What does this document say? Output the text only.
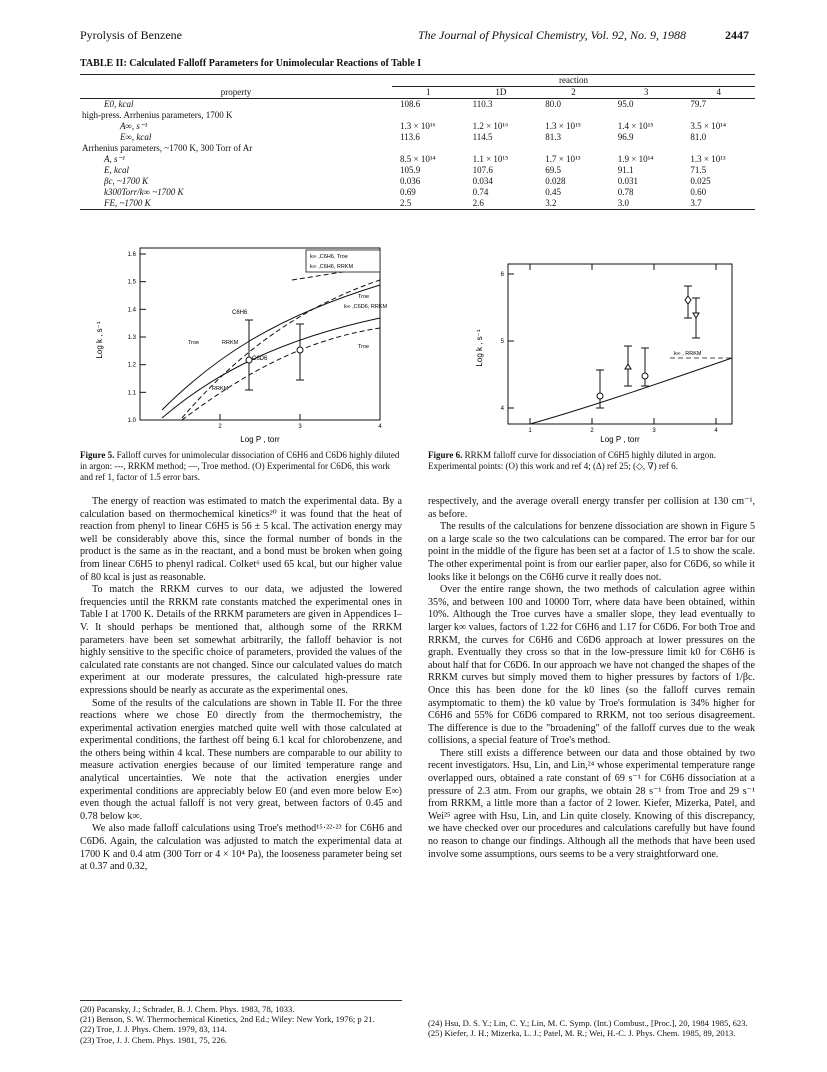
Pyrolysis of Benzene	The Journal of Physical Chemistry, Vol. 92, No. 9, 1988	2447
TABLE II: Calculated Falloff Parameters for Unimolecular Reactions of Table I
	reaction				
property	1	1D	2	3	4
E0, kcal	108.6	110.3	80.0	95.0	79.7
high-press. Arrhenius parameters, 1700 K					
A∞, s⁻¹	1.3 × 10¹⁶	1.2 × 10¹⁶	1.3 × 10¹⁵	1.4 × 10¹⁵	3.5 × 10¹⁴
E∞, kcal	113.6	114.5	81.3	96.9	81.0
Arrhenius parameters, ~1700 K, 300 Torr of Ar					
A, s⁻¹	8.5 × 10¹⁴	1.1 × 10¹⁵	1.7 × 10¹³	1.9 × 10¹⁴	1.3 × 10¹³
E, kcal	105.9	107.6	69.5	91.1	71.5
βc, ~1700 K	0.036	0.034	0.028	0.031	0.025
k300Torr/k∞ ~1700 K	0.69	0.74	0.45	0.78	0.60
FE, ~1700 K	2.5	2.6	3.2	3.0	3.7
1.6
1.5
1.4
1.3
1.2
1.1
1.0
2	3	4
k∞ ,C6H6, Troe
k∞ ,C6H6, RRKM
C6H6
Troe
k∞ ,C6D6, RRKM
Troe	RRKM
C6D6
Troe
RRKM
Log k , s⁻¹
Log P , torr
Figure 5. Falloff curves for unimolecular dissociation of C6H6 and C6D6 highly diluted in argon: ---, RRKM method; —, Troe method. (O) Experimental for C6D6, this work and ref 1, factor of 1.5 error bars.
6
5
4
1	2	3	4
k∞ , RRKM
Log k , s⁻¹
Log P , torr
Figure 6. RRKM falloff curve for dissociation of C6H5 highly diluted in argon. Experimental points: (O) this work and ref 4; (Δ) ref 25; (◇, ∇) ref 6.

The energy of reaction was estimated to match the experimental data. By a calculation based on thermochemical kinetics²⁰ it was found that the heat of reaction from phenyl to linear C6H5 is 56 ± 5 kcal. The activation energy may well be considerably above this, since the formal number of bonds in the product is the same as in the reactant, and a bond must be broken when going from linear C6H5 to phenyl radical. Colket⁶ used 65 kcal, but our higher value of 80 kcal is just as reasonable.

To match the RRKM curves to our data, we adjusted the lowered frequencies until the RRKM rate constants matched the experimental ones in Table I at 1700 K. Details of the RRKM parameters are given in Appendices I–V. It should perhaps be mentioned that, although some of the RRKM parameters have been set somewhat arbitrarily, the falloff behavior is not highly sensitive to the specific choice of parameters, provided the values of the calculated rate constants are not changed. Since our calculated values do match experiment at our moderate pressures, the calculated high-pressure rate expressions should be nearly as accurate as the experimental ones.

Some of the results of the calculations are shown in Table II. For the three reactions where we chose E0 directly from the thermochemistry, the experimental activation energies matched quite well with those calculated at experimental conditions, the farthest off being 6.1 kcal for chlorobenzene, and the others being within 4 kcal. These numbers are comparable to our ability to measure activation energies because of our limited temperature range and analytical uncertainties. We note that the activation energies under experimental conditions are appreciably below E0 (and even more below E∞) even though the actual falloff is not very great, between factors of 0.45 and 0.78 below k∞.

We also made falloff calculations using Troe's method¹⁵·²²·²³ for C6H6 and C6D6. Again, the calculation was adjusted to match the experimental data at 1700 K and 0.4 atm (300 Torr or 4 × 10⁴ Pa), the looseness parameter being set at 0.37 and 0.32,

respectively, and the average overall energy transfer per collision at 130 cm⁻¹, as before.

The results of the calculations for benzene dissociation are shown in Figure 5 on a large scale so the two calculations can be compared. The error bar for our point in the middle of the figure has been set at a factor of 1.5 to show the scale. The other experimental point is from our earlier paper, also for C6D6, so while it looks like it belongs on the C6H6 curve it really does not.

Over the entire range shown, the two methods of calculation agree within 35%, and between 100 and 10000 Torr, where data have been obtained, within 10%. Although the Troe curves have a smaller slope, they lead eventually to larger k∞ values, factors of 1.22 for C6H6 and 1.17 for C6D6. For both Troe and RRKM, the curves for C6H6 and C6D6 approach at lower pressures on the graph. Eventually they cross so that in the low-pressure limit k0 for C6H6 is about half that for C6D6. In our approach we have not changed the shapes of the RRKM curves but simply moved them to higher pressures by factors of 1/βc. Once this has been done for the k0 lines (so the falloff curves remain asymptomatic to them) the k0 value by Troe's formulation is 34% higher for C6H6 and 55% for C6D6 compared to RRKM, not too serious disagreement. The difference is due to the "broadening" of the falloff curves due to the weak collisions, a special feature of Troe's method.

There still exists a difference between our data and those obtained by two recent investigators. Hsu, Lin, and Lin,²⁴ whose experimental temperature range overlapped ours, obtained a rate constant of 69 s⁻¹ for C6H6 dissociation at a pressure of 2.3 atm. From our graphs, we obtain 28 s⁻¹ from Troe and 29 s⁻¹ from RRKM, a little more than a factor of 2 lower. Kiefer, Mizerka, Patel, and Wei²⁵ agree with Hsu, Lin, and Lin quite closely. Knowing of this discrepancy, we have checked over our procedures and calculations carefully but have found no reason to change our findings. Although all the methods that have been used involve some assumptions, ours seems to be a very straightforward one.

(20) Pacansky, J.; Schrader, B. J. Chem. Phys. 1983, 78, 1033.
(21) Benson, S. W. Thermochemical Kinetics, 2nd Ed.; Wiley: New York, 1976; p 21.
(22) Troe, J. J. Phys. Chem. 1979, 83, 114.
(23) Troe, J. J. Chem. Phys. 1981, 75, 226.
(24) Hsu, D. S. Y.; Lin, C. Y.; Lin, M. C. Symp. (Int.) Combust., [Proc.], 20, 1984 1985, 623.
(25) Kiefer, J. H.; Mizerka, L. J.; Patel, M. R.; Wei, H.-C. J. Phys. Chem. 1985, 89, 2013.
